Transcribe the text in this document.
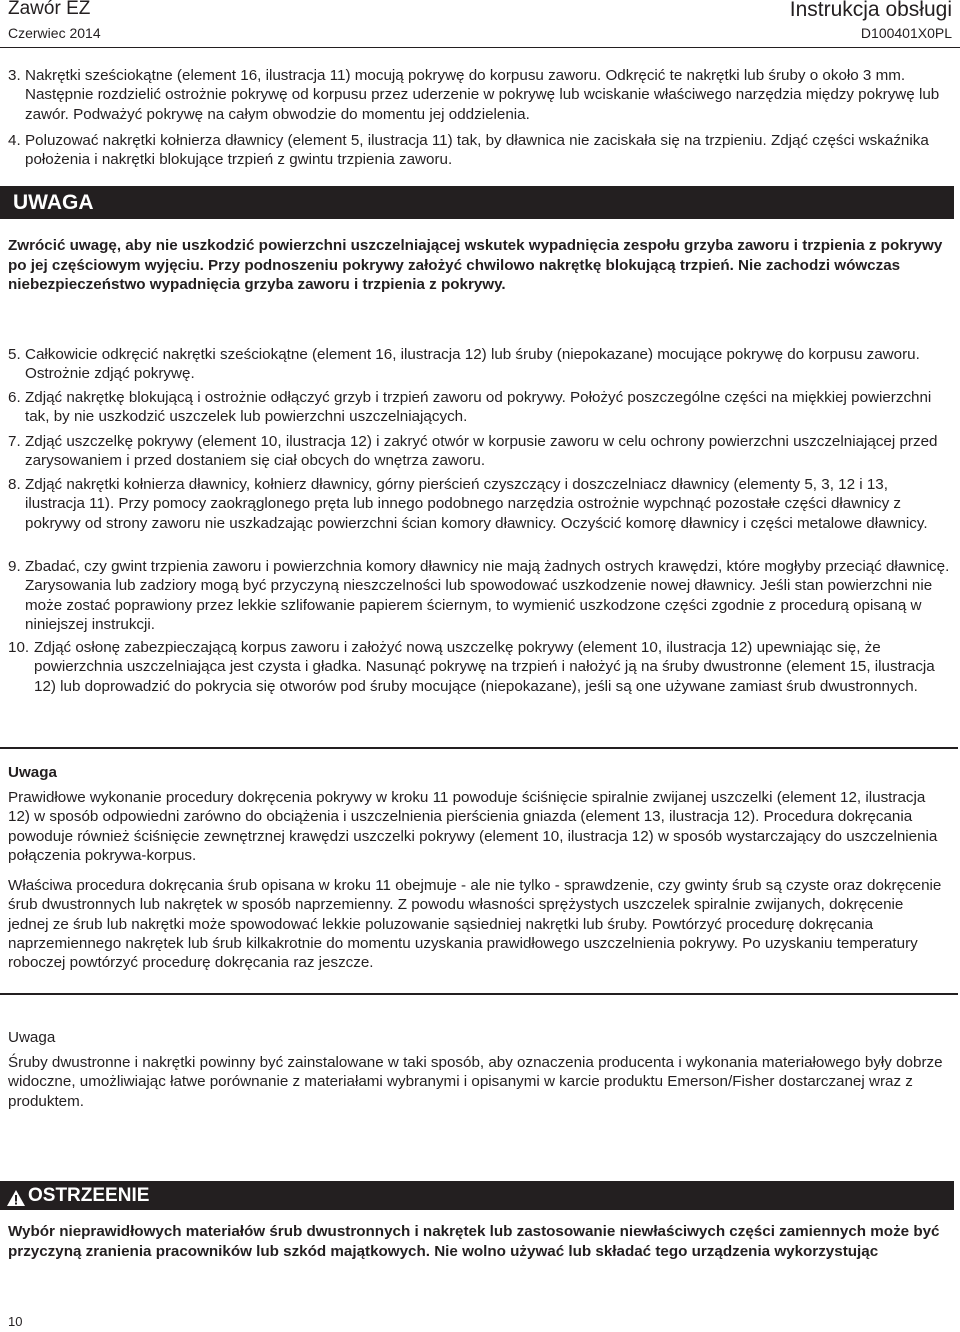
Zawór EZ
Czerwiec 2014
Instrukcja obsługi
D100401X0PL
3. Nakrętki sześciokątne (element 16, ilustracja 11) mocują pokrywę do korpusu zaworu. Odkręcić te nakrętki lub śruby o około 3 mm. Następnie rozdzielić ostrożnie pokrywę od korpusu przez uderzenie w pokrywę lub wciskanie właściwego narzędzia między pokrywę lub zawór. Podważyć pokrywę na całym obwodzie do momentu jej oddzielenia.
4. Poluzować nakrętki kołnierza dławnicy (element 5, ilustracja 11) tak, by dławnica nie zaciskała się na trzpieniu. Zdjąć części wskaźnika położenia i nakrętki blokujące trzpień z gwintu trzpienia zaworu.
UWAGA
Zwrócić uwagę, aby nie uszkodzić powierzchni uszczelniającej wskutek wypadnięcia zespołu grzyba zaworu i trzpienia z pokrywy po jej częściowym wyjęciu. Przy podnoszeniu pokrywy założyć chwilowo nakrętkę blokującą trzpień. Nie zachodzi wówczas niebezpieczeństwo wypadnięcia grzyba zaworu i trzpienia z pokrywy.
5. Całkowicie odkręcić nakrętki sześciokątne (element 16, ilustracja 12) lub śruby (niepokazane) mocujące pokrywę do korpusu zaworu. Ostrożnie zdjąć pokrywę.
6. Zdjąć nakrętkę blokującą i ostrożnie odłączyć grzyb i trzpień zaworu od pokrywy. Położyć poszczególne części na miękkiej powierzchni tak, by nie uszkodzić uszczelek lub powierzchni uszczelniających.
7. Zdjąć uszczelkę pokrywy (element 10, ilustracja 12) i zakryć otwór w korpusie zaworu w celu ochrony powierzchni uszczelniającej przed zarysowaniem i przed dostaniem się ciał obcych do wnętrza zaworu.
8. Zdjąć nakrętki kołnierza dławnicy, kołnierz dławnicy, górny pierścień czyszczący i doszczelniacz dławnicy (elementy 5, 3, 12 i 13, ilustracja 11). Przy pomocy zaokrąglonego pręta lub innego podobnego narzędzia ostrożnie wypchnąć pozostałe części dławnicy z pokrywy od strony zaworu nie uszkadzając powierzchni ścian komory dławnicy. Oczyścić komorę dławnicy i części metalowe dławnicy.
9. Zbadać, czy gwint trzpienia zaworu i powierzchnia komory dławnicy nie mają żadnych ostrych krawędzi, które mogłyby przeciąć dławnicę. Zarysowania lub zadziory mogą być przyczyną nieszczelności lub spowodować uszkodzenie nowej dławnicy. Jeśli stan powierzchni nie może zostać poprawiony przez lekkie szlifowanie papierem ściernym, to wymienić uszkodzone części zgodnie z procedurą opisaną w niniejszej instrukcji.
10. Zdjąć osłonę zabezpieczającą korpus zaworu i założyć nową uszczelkę pokrywy (element 10, ilustracja 12) upewniając się, że powierzchnia uszczelniająca jest czysta i gładka. Nasunąć pokrywę na trzpień i nałożyć ją na śruby dwustronne (element 15, ilustracja 12) lub doprowadzić do pokrycia się otworów pod śruby mocujące (niepokazane), jeśli są one używane zamiast śrub dwustronnych.
Uwaga
Prawidłowe wykonanie procedury dokręcenia pokrywy w kroku 11 powoduje ściśnięcie spiralnie zwijanej uszczelki (element 12, ilustracja 12) w sposób odpowiedni zarówno do obciążenia i uszczelnienia pierścienia gniazda (element 13, ilustracja 12). Procedura dokręcania powoduje również ściśnięcie zewnętrznej krawędzi uszczelki pokrywy (element 10, ilustracja 12) w sposób wystarczający do uszczelnienia połączenia pokrywa-korpus.
Właściwa procedura dokręcania śrub opisana w kroku 11 obejmuje - ale nie tylko - sprawdzenie, czy gwinty śrub są czyste oraz dokręcenie śrub dwustronnych lub nakrętek w sposób naprzemienny. Z powodu własności sprężystych uszczelek spiralnie zwijanych, dokręcenie jednej ze śrub lub nakrętki może spowodować lekkie poluzowanie sąsiedniej nakrętki lub śruby. Powtórzyć procedurę dokręcania naprzemiennego nakrętek lub śrub kilkakrotnie do momentu uzyskania prawidłowego uszczelnienia pokrywy. Po uzyskaniu temperatury roboczej powtórzyć procedurę dokręcania raz jeszcze.
Uwaga
Śruby dwustronne i nakrętki powinny być zainstalowane w taki sposób, aby oznaczenia producenta i wykonania materiałowego były dobrze widoczne, umożliwiając łatwe porównanie z materiałami wybranymi i opisanymi w karcie produktu Emerson/Fisher dostarczanej wraz z produktem.
OSTRZEENIE
Wybór nieprawidłowych materiałów śrub dwustronnych i nakrętek lub zastosowanie niewłaściwych części zamiennych może być przyczyną zranienia pracowników lub szkód majątkowych. Nie wolno używać lub składać tego urządzenia wykorzystując
10
